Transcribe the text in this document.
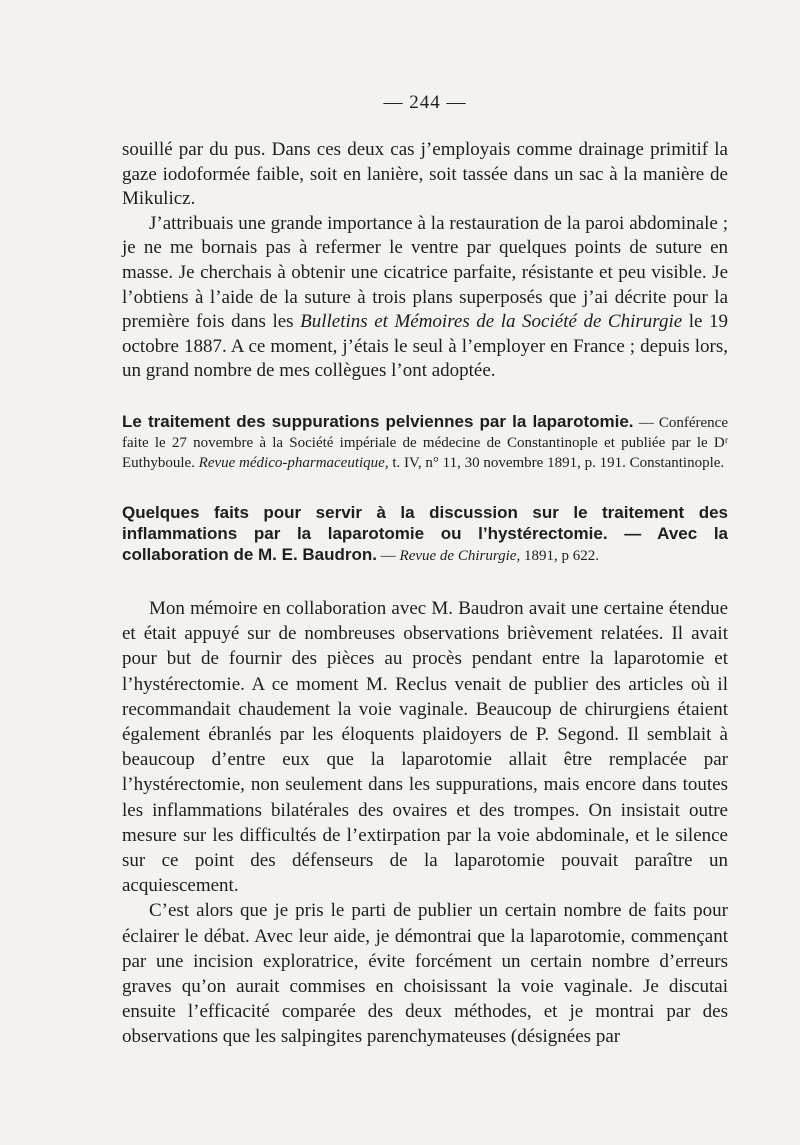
— 244 —

souillé par du pus. Dans ces deux cas j’employais comme drainage primitif la gaze iodoformée faible, soit en lanière, soit tassée dans un sac à la manière de Mikulicz.

J’attribuais une grande importance à la restauration de la paroi abdominale ; je ne me bornais pas à refermer le ventre par quelques points de suture en masse. Je cherchais à obtenir une cicatrice parfaite, résistante et peu visible. Je l’obtiens à l’aide de la suture à trois plans superposés que j’ai décrite pour la première fois dans les Bulletins et Mémoires de la Société de Chirurgie le 19 octobre 1887. A ce moment, j’étais le seul à l’employer en France ; depuis lors, un grand nombre de mes collègues l’ont adoptée.

Le traitement des suppurations pelviennes par la laparotomie. — Conférence faite le 27 novembre à la Société impériale de médecine de Constantinople et publiée par le Dʳ Euthyboule. Revue médico-pharmaceutique, t. IV, n° 11, 30 novembre 1891, p. 191. Constantinople.
Quelques faits pour servir à la discussion sur le traitement des inflammations par la laparotomie ou l’hystérectomie. — Avec la collaboration de M. E. Baudron. — Revue de Chirurgie, 1891, p 622.

Mon mémoire en collaboration avec M. Baudron avait une certaine étendue et était appuyé sur de nombreuses observations brièvement relatées. Il avait pour but de fournir des pièces au procès pendant entre la laparotomie et l’hystérectomie. A ce moment M. Reclus venait de publier des articles où il recommandait chaudement la voie vaginale. Beaucoup de chirurgiens étaient également ébranlés par les éloquents plaidoyers de P. Segond. Il semblait à beaucoup d’entre eux que la laparotomie allait être remplacée par l’hystérectomie, non seulement dans les suppurations, mais encore dans toutes les inflammations bilatérales des ovaires et des trompes. On insistait outre mesure sur les difficultés de l’extirpation par la voie abdominale, et le silence sur ce point des défenseurs de la laparotomie pouvait paraître un acquiescement.

C’est alors que je pris le parti de publier un certain nombre de faits pour éclairer le débat. Avec leur aide, je démontrai que la laparotomie, commençant par une incision exploratrice, évite forcément un certain nombre d’erreurs graves qu’on aurait commises en choisissant la voie vaginale. Je discutai ensuite l’efficacité comparée des deux méthodes, et je montrai par des observations que les salpingites parenchymateuses (désignées par
